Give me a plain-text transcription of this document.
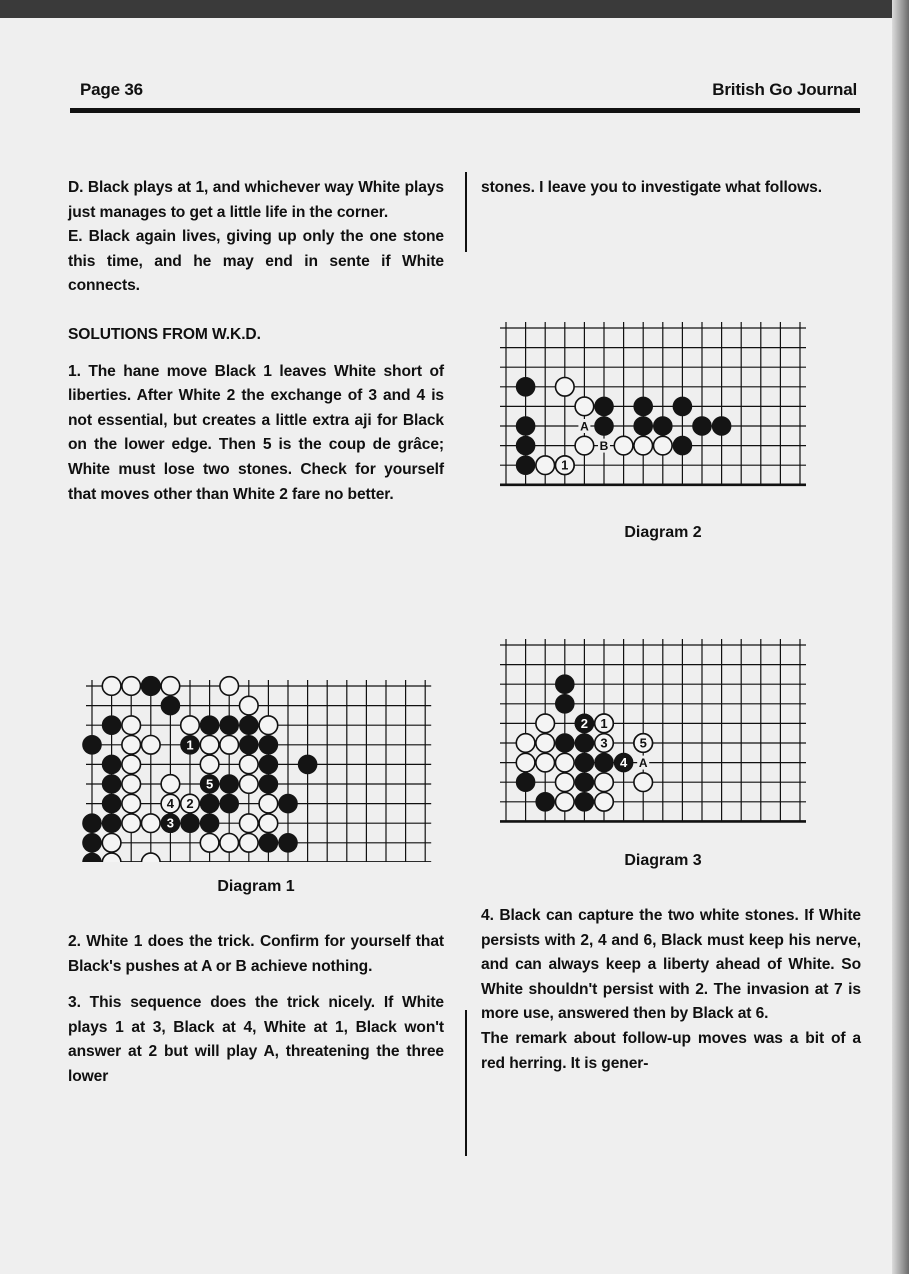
Page 36	British Go Journal

D. Black plays at 1, and whichever way White plays just manages to get a little life in the corner.

E. Black again lives, giving up only the one stone this time, and he may end in sente if White connects.

SOLUTIONS FROM W.K.D.

1. The hane move Black 1 leaves White short of liberties. After White 2 the exchange of 3 and 4 is not essential, but creates a little extra aji for Black on the lower edge. Then 5 is the coup de grâce; White must lose two stones. Check for yourself that moves other than White 2 fare no better.

1
3
5
4 2
Diagram 1

2. White 1 does the trick. Confirm for yourself that Black's pushes at A or B achieve nothing.

3. This sequence does the trick nicely. If White plays 1 at 3, Black at 4, White at 1, Black won't answer at 2 but will play A, threatening the three lower

stones. I leave you to investigate what follows.

1
A
B
Diagram 2
2
4
1
3 5
A
Diagram 3

4. Black can capture the two white stones. If White persists with 2, 4 and 6, Black must keep his nerve, and can always keep a liberty ahead of White. So White shouldn't persist with 2. The invasion at 7 is more use, answered then by Black at 6.

The remark about follow-up moves was a bit of a red herring. It is gener-
